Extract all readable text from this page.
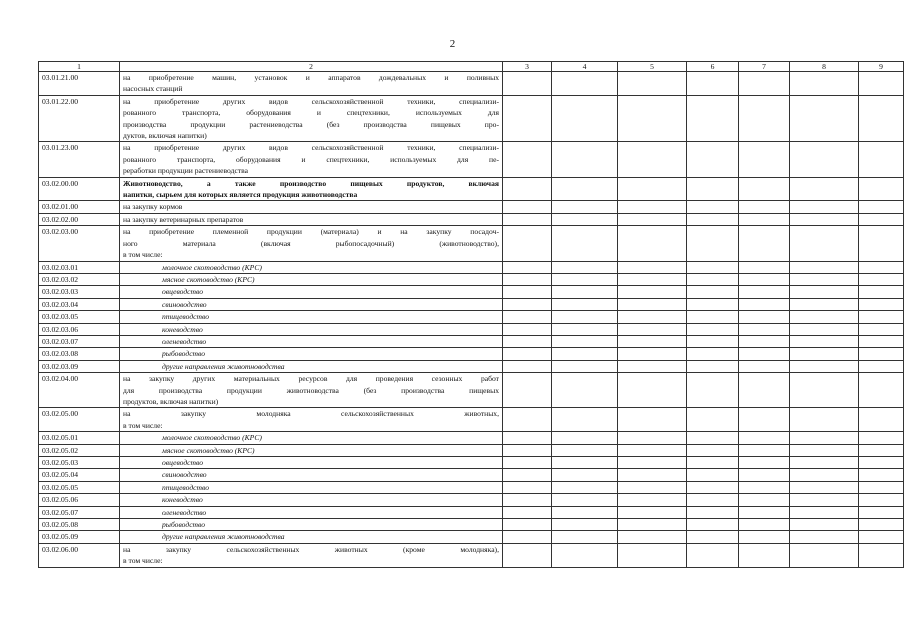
2
1	2	3	4	5	6	7	8	9
03.01.21.00	на приобретение машин, установок и аппаратов дождевальных и поливных
насосных станций							

03.01.22.00	на приобретение других видов сельскохозяйственной техники, специализи-
рованного транспорта, оборудования и спецтехники, используемых для
производства продукции растениеводства (без производства пищевых про-
дуктов, включая напитки)							

03.01.23.00	на приобретение других видов сельскохозяйственной техники, специализи-
рованного транспорта, оборудования и спецтехники, используемых для пе-
реработки продукции растениеводства							

03.02.00.00	Животноводство, а также производство пищевых продуктов, включая
напитки, сырьем для которых является продукция животноводства							

03.02.01.00	на закупку кормов							

03.02.02.00	на закупку ветеринарных препаратов							

03.02.03.00	на приобретение племенной продукции (материала) и на закупку посадоч-
ного материала (включая рыбопосадочный) (животноводство),
в том числе:							

03.02.03.01	молочное скотоводство (КРС)							

03.02.03.02	мясное скотоводство (КРС)							

03.02.03.03	овцеводство							

03.02.03.04	свиноводство							

03.02.03.05	птицеводство							

03.02.03.06	коневодство							

03.02.03.07	оленеводство							

03.02.03.08	рыбоводство							

03.02.03.09	другие направления животноводства							

03.02.04.00	на закупку других материальных ресурсов для проведения сезонных работ
для производства продукции животноводства (без производства пищевых
продуктов, включая напитки)							

03.02.05.00	на закупку молодняка сельскохозяйственных животных,
в том числе:							

03.02.05.01	молочное скотоводство (КРС)							

03.02.05.02	мясное скотоводство (КРС)							

03.02.05.03	овцеводство							

03.02.05.04	свиноводство							

03.02.05.05	птицеводство							

03.02.05.06	коневодство							

03.02.05.07	оленеводство							

03.02.05.08	рыбоводство							

03.02.05.09	другие направления животноводства							

03.02.06.00	на закупку сельскохозяйственных животных (кроме молодняка),
в том числе:							
